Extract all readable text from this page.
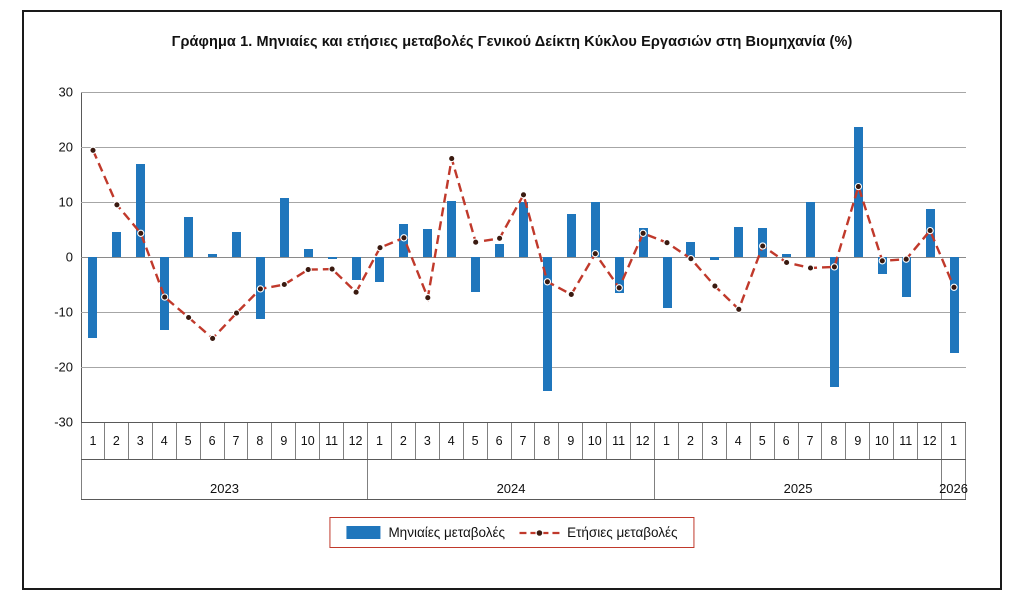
Γράφημα 1. Μηνιαίες και ετήσιες μεταβολές Γενικού Δείκτη Κύκλου Εργασιών στη Βιομηχανία (%)
30
20
10
0
-10
-20
-30
1	2	3	4	5	6	7	8	9	10 11 12	1	2	3	4	5	6	7	8	9	10 11 12	1	2	3	4	5	6	7	8	9	10 11 12	1
2023	2024	2025	2026
Μηνιαίες μεταβολές	Ετήσιες μεταβολές
